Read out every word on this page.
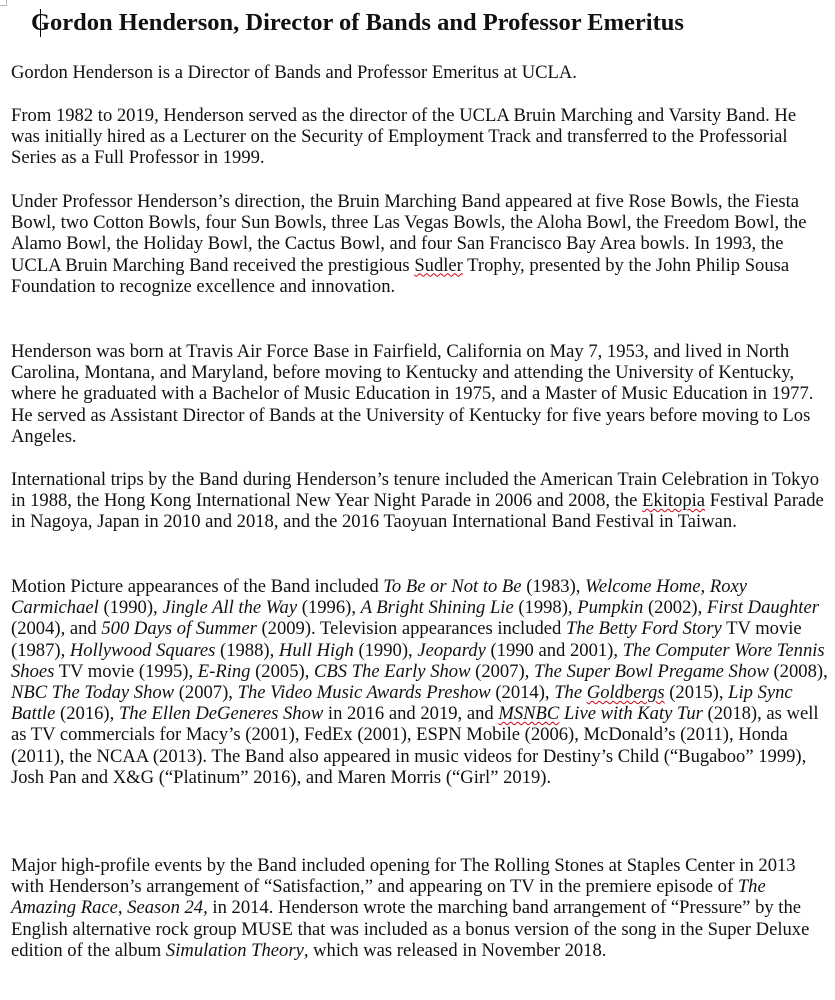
Gordon Henderson, Director of Bands and Professor Emeritus

Gordon Henderson is a Director of Bands and Professor Emeritus at UCLA.

From 1982 to 2019, Henderson served as the director of the UCLA Bruin Marching and Varsity Band. He was initially hired as a Lecturer on the Security of Employment Track and transferred to the Professorial Series as a Full Professor in 1999.

Under Professor Henderson’s direction, the Bruin Marching Band appeared at five Rose Bowls, the Fiesta Bowl, two Cotton Bowls, four Sun Bowls, three Las Vegas Bowls, the Aloha Bowl, the Freedom Bowl, the Alamo Bowl, the Holiday Bowl, the Cactus Bowl, and four San Francisco Bay Area bowls. In 1993, the UCLA Bruin Marching Band received the prestigious Sudler Trophy, presented by the John Philip Sousa Foundation to recognize excellence and innovation.

Henderson was born at Travis Air Force Base in Fairfield, California on May 7, 1953, and lived in North Carolina, Montana, and Maryland, before moving to Kentucky and attending the University of Kentucky, where he graduated with a Bachelor of Music Education in 1975, and a Master of Music Education in 1977. He served as Assistant Director of Bands at the University of Kentucky for five years before moving to Los Angeles.

International trips by the Band during Henderson’s tenure included the American Train Celebration in Tokyo in 1988, the Hong Kong International New Year Night Parade in 2006 and 2008, the Ekitopia Festival Parade in Nagoya, Japan in 2010 and 2018, and the 2016 Taoyuan International Band Festival in Taiwan.

Motion Picture appearances of the Band included To Be or Not to Be (1983), Welcome Home, Roxy Carmichael (1990), Jingle All the Way (1996), A Bright Shining Lie (1998), Pumpkin (2002), First Daughter (2004), and 500 Days of Summer (2009). Television appearances included The Betty Ford Story TV movie (1987), Hollywood Squares (1988), Hull High (1990), Jeopardy (1990 and 2001), The Computer Wore Tennis Shoes TV movie (1995), E-Ring (2005), CBS The Early Show (2007), The Super Bowl Pregame Show (2008), NBC The Today Show (2007), The Video Music Awards Preshow (2014), The Goldbergs (2015), Lip Sync Battle (2016), The Ellen DeGeneres Show in 2016 and 2019, and MSNBC Live with Katy Tur (2018), as well as TV commercials for Macy’s (2001), FedEx (2001), ESPN Mobile (2006), McDonald’s (2011), Honda (2011), the NCAA (2013). The Band also appeared in music videos for Destiny’s Child (“Bugaboo” 1999), Josh Pan and X&G (“Platinum” 2016), and Maren Morris (“Girl” 2019).

Major high-profile events by the Band included opening for The Rolling Stones at Staples Center in 2013 with Henderson’s arrangement of “Satisfaction,” and appearing on TV in the premiere episode of The Amazing Race, Season 24, in 2014. Henderson wrote the marching band arrangement of “Pressure” by the English alternative rock group MUSE that was included as a bonus version of the song in the Super Deluxe edition of the album Simulation Theory, which was released in November 2018.
